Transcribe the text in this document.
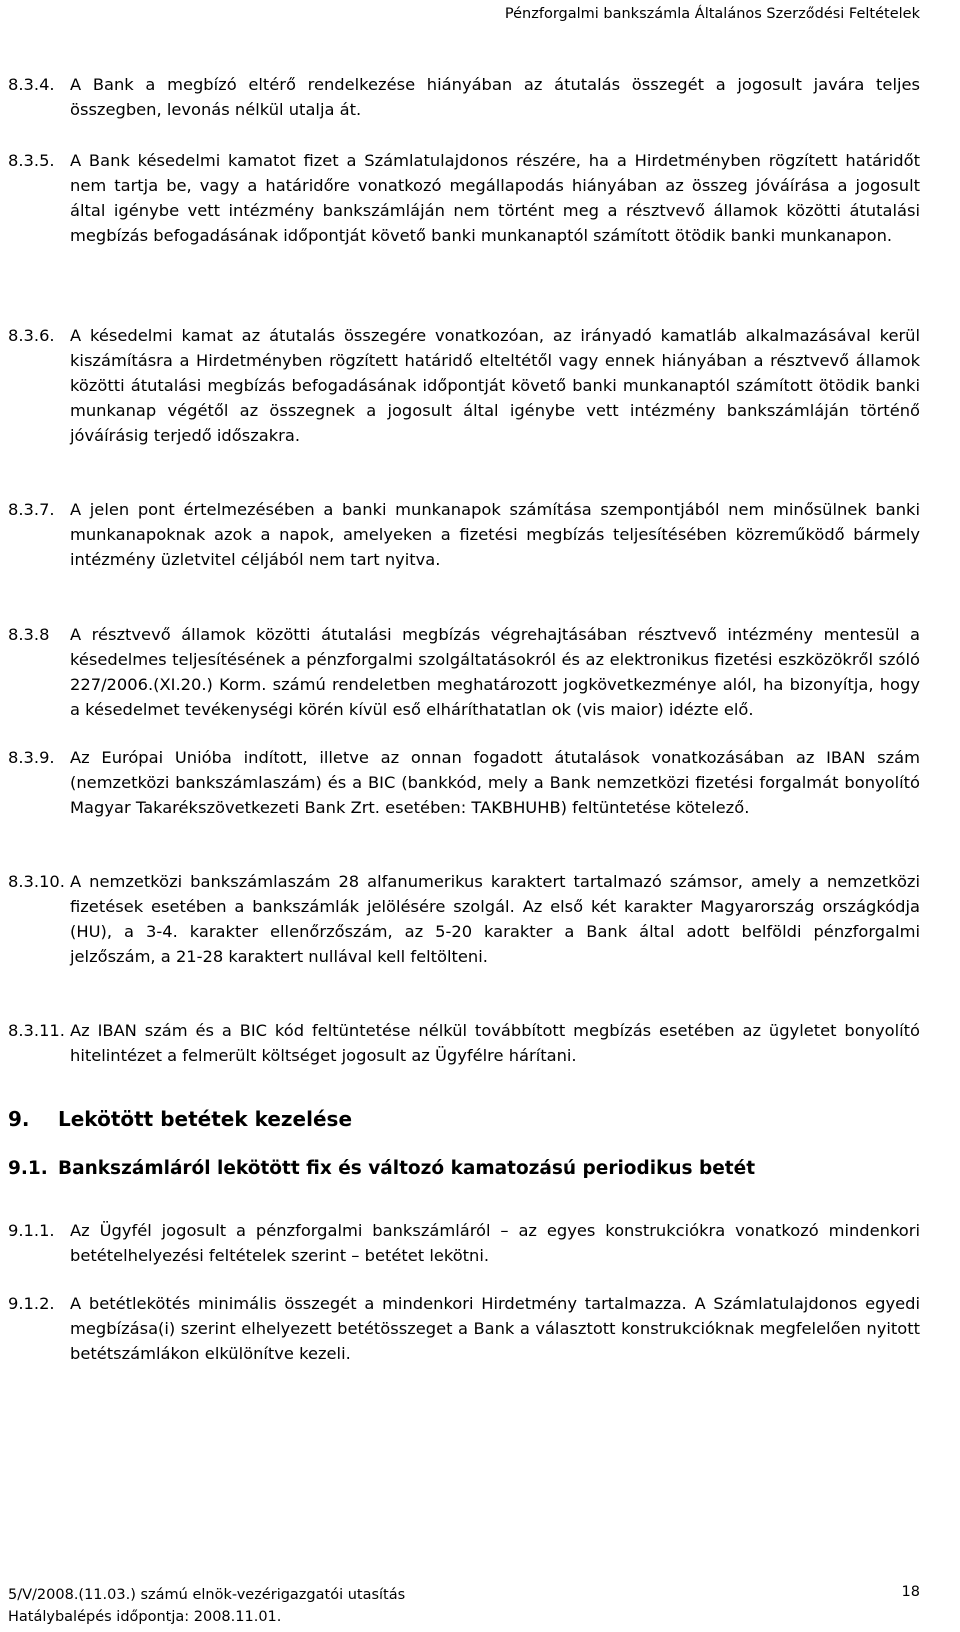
Pénzforgalmi bankszámla Általános Szerződési Feltételek
8.3.4. A Bank a megbízó eltérő rendelkezése hiányában az átutalás összegét a jogosult javára teljes összegben, levonás nélkül utalja át.
8.3.5. A Bank késedelmi kamatot fizet a Számlatulajdonos részére, ha a Hirdetményben rögzített határidőt nem tartja be, vagy a határidőre vonatkozó megállapodás hiányában az összeg jóváírása a jogosult által igénybe vett intézmény bankszámláján nem történt meg a résztvevő államok közötti átutalási megbízás befogadásának időpontját követő banki munkanaptól számított ötödik banki munkanapon.
8.3.6. A késedelmi kamat az átutalás összegére vonatkozóan, az irányadó kamatláb alkalmazásával kerül kiszámításra a Hirdetményben rögzített határidő elteltétől vagy ennek hiányában a résztvevő államok közötti átutalási megbízás befogadásának időpontját követő banki munkanaptól számított ötödik banki munkanap végétől az összegnek a jogosult által igénybe vett intézmény bankszámláján történő jóváírásig terjedő időszakra.
8.3.7. A jelen pont értelmezésében a banki munkanapok számítása szempontjából nem minősülnek banki munkanapoknak azok a napok, amelyeken a fizetési megbízás teljesítésében közreműködő bármely intézmény üzletvitel céljából nem tart nyitva.
8.3.8	A résztvevő államok közötti átutalási megbízás végrehajtásában résztvevő intézmény mentesül a késedelmes teljesítésének a pénzforgalmi szolgáltatásokról és az elektronikus fizetési eszközökről szóló 227/2006.(XI.20.) Korm. számú rendeletben meghatározott jogkövetkezménye alól, ha bizonyítja, hogy a késedelmet tevékenységi körén kívül eső elháríthatatlan ok (vis maior) idézte elő.
8.3.9. Az Európai Unióba indított, illetve az onnan fogadott átutalások vonatkozásában az IBAN szám (nemzetközi bankszámlaszám) és a BIC (bankkód, mely a Bank nemzetközi fizetési forgalmát bonyolító Magyar Takarékszövetkezeti Bank Zrt. esetében: TAKBHUHB) feltüntetése kötelező.
8.3.10. A nemzetközi bankszámlaszám 28 alfanumerikus karaktert tartalmazó számsor, amely a nemzetközi fizetések esetében a bankszámlák jelölésére szolgál. Az első két karakter Magyarország országkódja (HU), a 3-4. karakter ellenőrzőszám, az 5-20 karakter a Bank által adott belföldi pénzforgalmi jelzőszám, a 21-28 karaktert nullával kell feltölteni.
8.3.11. Az IBAN szám és a BIC kód feltüntetése nélkül továbbított megbízás esetében az ügyletet bonyolító hitelintézet a felmerült költséget jogosult az Ügyfélre hárítani.
9.	Lekötött betétek kezelése
9.1. Bankszámláról lekötött fix és változó kamatozású periodikus betét
9.1.1. Az Ügyfél jogosult a pénzforgalmi bankszámláról – az egyes konstrukciókra vonatkozó mindenkori betételhelyezési feltételek szerint – betétet lekötni.
9.1.2. A betétlekötés minimális összegét a mindenkori Hirdetmény tartalmazza. A Számlatulajdonos egyedi megbízása(i) szerint elhelyezett betétösszeget a Bank a választott konstrukcióknak megfelelően nyitott betétszámlákon elkülönítve kezeli.
5/V/2008.(11.03.) számú elnök-vezérigazgatói utasítás
Hatálybalépés időpontja: 2008.11.01.
18
